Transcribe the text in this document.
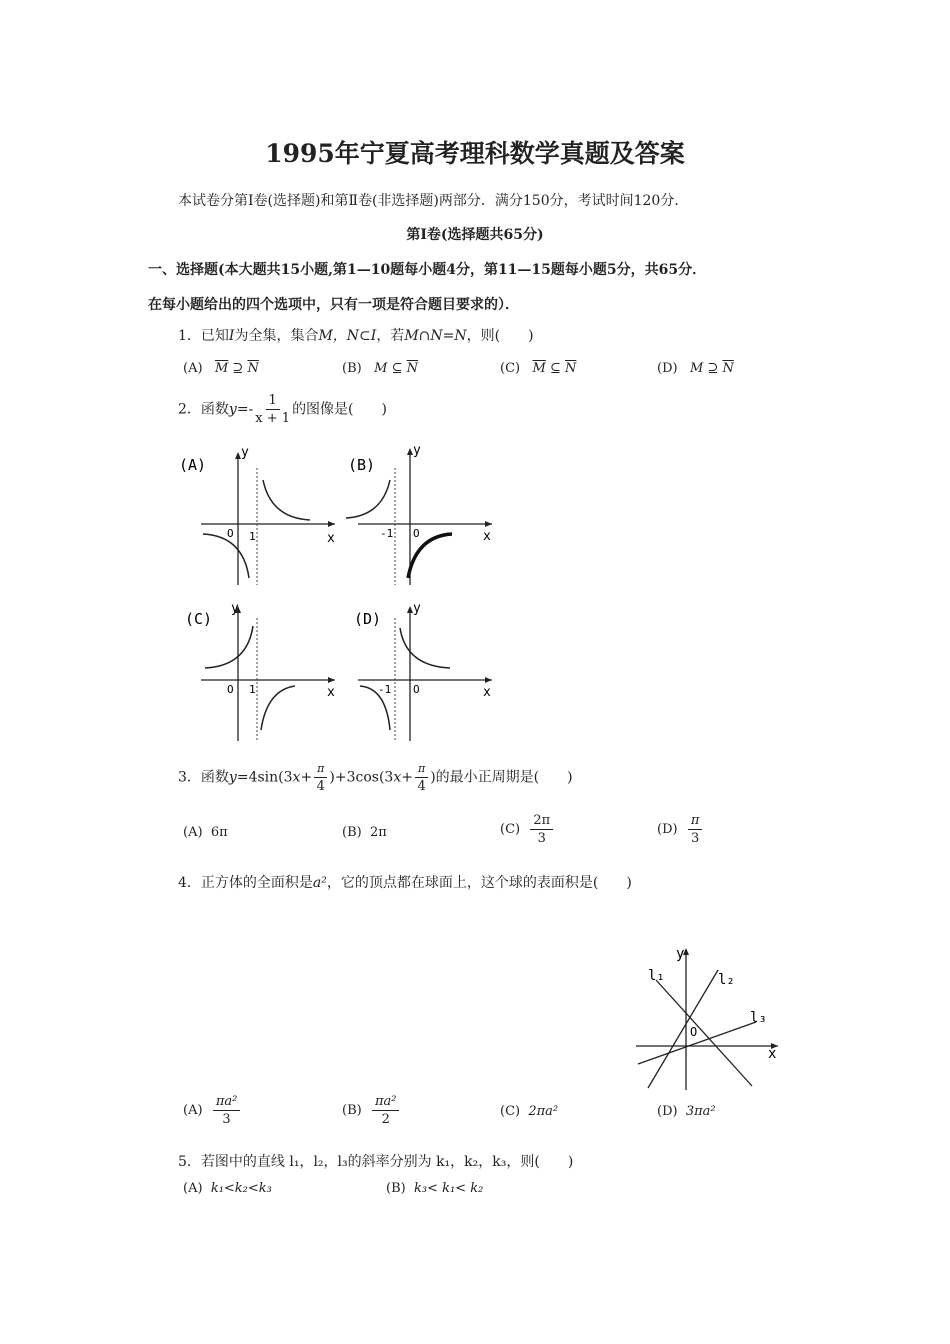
1995年宁夏高考理科数学真题及答案
本试卷分第Ⅰ卷(选择题)和第Ⅱ卷(非选择题)两部分．满分150分，考试时间120分．
第Ⅰ卷(选择题共65分)
一、选择题(本大题共15小题,第1—10题每小题4分，第11—15题每小题5分，共65分．
在每小题给出的四个选项中，只有一项是符合题目要求的）．
1．已知I为全集，集合M，N⊂I，若M∩N=N，则(　　)
(A) $\overline{M}$ ⊇ $\overline{N}$	(B) M ⊆ $\overline{N}$	(C) $\overline{M}$ ⊆ $\overline{N}$	(D) M ⊇ $\overline{N}$
2．函数$y=- \frac{1}{x + 1}$ 的图像是(　　)
(A)
y
x
O 1
(B)
y
x
O
-1
(C)
y
x
O 1
(D)
y
x
O
-1
3．函数$y=4\sin(3x+ \frac{\pi}{4} )+3\cos(3x+ \frac{\pi}{4}$ )的最小正周期是(　　)
(A) 6π	(B) 2π	$(C) \frac{2\pi}{3}$	$(D) \frac{\pi}{3}$
4．正方体的全面积是a²，它的顶点都在球面上，这个球的表面积是(　　)
y
x
O
l₁	l₂
l₃
$(A) \frac{\text{πa²}}{3}$	$(B) \frac{\text{πa²}}{2}$	(C) 2πa²	(D) 3πa²
5．若图中的直线 l₁，l₂，l₃的斜率分别为 k₁，k₂，k₃，则(　　)
(A) k₁<k₂<k₃	(B) k₃< k₁< k₂
